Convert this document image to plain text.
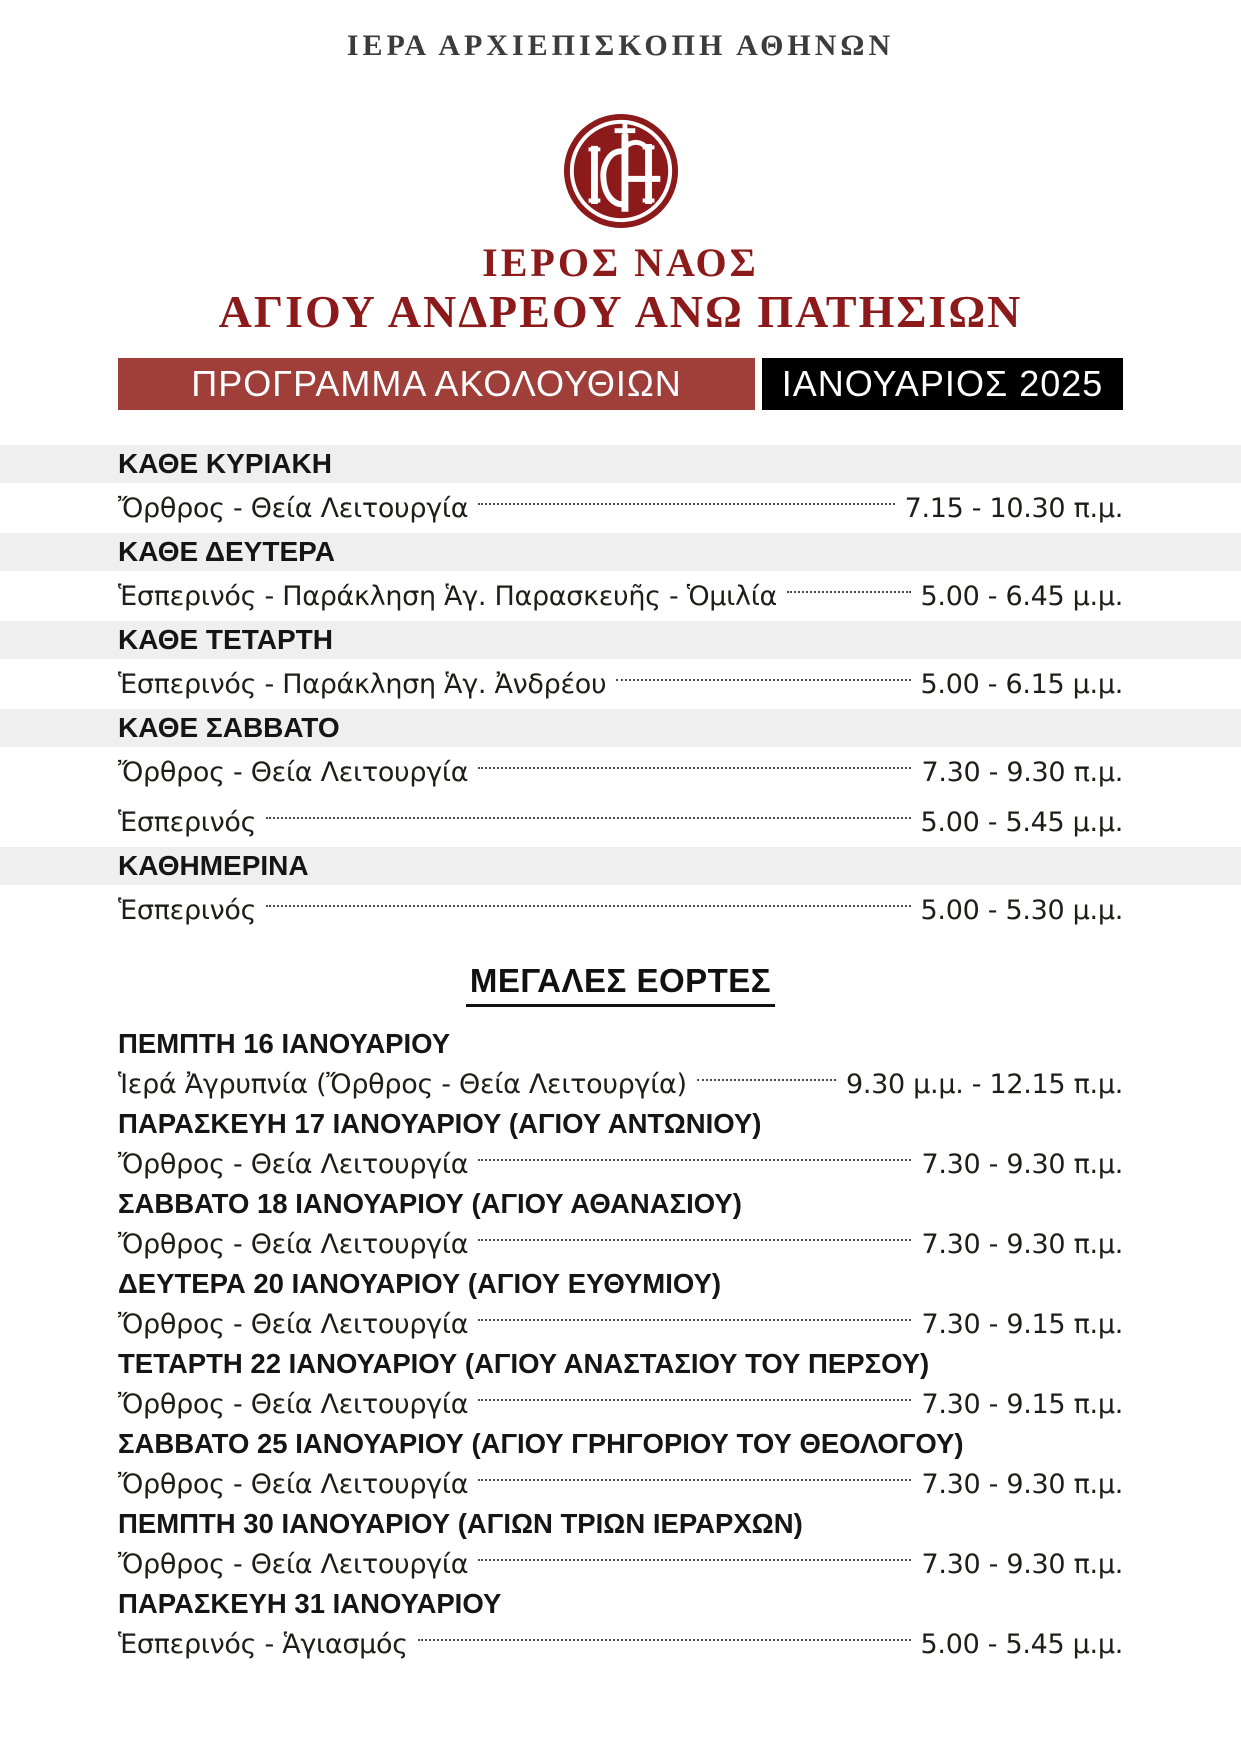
ΙΕΡΑ ΑΡΧΙΕΠΙΣΚΟΠΗ ΑΘΗΝΩΝ
ΙΕΡΟΣ ΝΑΟΣ
ΑΓΙΟΥ ΑΝΔΡΕΟΥ ΑΝΩ ΠΑΤΗΣΙΩΝ
ΠΡΟΓΡΑΜΜΑ ΑΚΟΛΟΥΘΙΩΝ	ΙΑΝΟΥΑΡΙΟΣ 2025
ΚΑΘΕ ΚΥΡΙΑΚΗ
Ὄρθρος - Θεία Λειτουργία	7.15 - 10.30 π.μ.
ΚΑΘΕ ΔΕΥΤΕΡΑ
Ἑσπερινός - Παράκληση Ἁγ. Παρασκευῆς - Ὁμιλία	5.00 - 6.45 μ.μ.
ΚΑΘΕ ΤΕΤΑΡΤΗ
Ἑσπερινός - Παράκληση Ἁγ. Ἀνδρέου	5.00 - 6.15 μ.μ.
ΚΑΘΕ ΣΑΒΒΑΤΟ
Ὄρθρος - Θεία Λειτουργία	7.30 - 9.30 π.μ.
Ἑσπερινός	5.00 - 5.45 μ.μ.
ΚΑΘΗΜΕΡΙΝΑ
Ἑσπερινός	5.00 - 5.30 μ.μ.
ΜΕΓΑΛΕΣ ΕΟΡΤΕΣ
ΠΕΜΠΤΗ 16 ΙΑΝΟΥΑΡΙΟΥ
Ἱερά Ἀγρυπνία (Ὄρθρος - Θεία Λειτουργία)	9.30 μ.μ. - 12.15 π.μ.
ΠΑΡΑΣΚΕΥΗ 17 ΙΑΝΟΥΑΡΙΟΥ (ΑΓΙΟΥ ΑΝΤΩΝΙΟΥ)
Ὄρθρος - Θεία Λειτουργία	7.30 - 9.30 π.μ.
ΣΑΒΒΑΤΟ 18 ΙΑΝΟΥΑΡΙΟΥ (ΑΓΙΟΥ ΑΘΑΝΑΣΙΟΥ)
Ὄρθρος - Θεία Λειτουργία	7.30 - 9.30 π.μ.
ΔΕΥΤΕΡΑ 20 ΙΑΝΟΥΑΡΙΟΥ (ΑΓΙΟΥ ΕΥΘΥΜΙΟΥ)
Ὄρθρος - Θεία Λειτουργία	7.30 - 9.15 π.μ.
ΤΕΤΑΡΤΗ 22 ΙΑΝΟΥΑΡΙΟΥ (ΑΓΙΟΥ ΑΝΑΣΤΑΣΙΟΥ ΤΟΥ ΠΕΡΣΟΥ)
Ὄρθρος - Θεία Λειτουργία	7.30 - 9.15 π.μ.
ΣΑΒΒΑΤΟ 25 ΙΑΝΟΥΑΡΙΟΥ (ΑΓΙΟΥ ΓΡΗΓΟΡΙΟΥ ΤΟΥ ΘΕΟΛΟΓΟΥ)
Ὄρθρος - Θεία Λειτουργία	7.30 - 9.30 π.μ.
ΠΕΜΠΤΗ 30 ΙΑΝΟΥΑΡΙΟΥ (ΑΓΙΩΝ ΤΡΙΩΝ ΙΕΡΑΡΧΩΝ)
Ὄρθρος - Θεία Λειτουργία	7.30 - 9.30 π.μ.
ΠΑΡΑΣΚΕΥΗ 31 ΙΑΝΟΥΑΡΙΟΥ
Ἑσπερινός - Ἁγιασμός	5.00 - 5.45 μ.μ.
